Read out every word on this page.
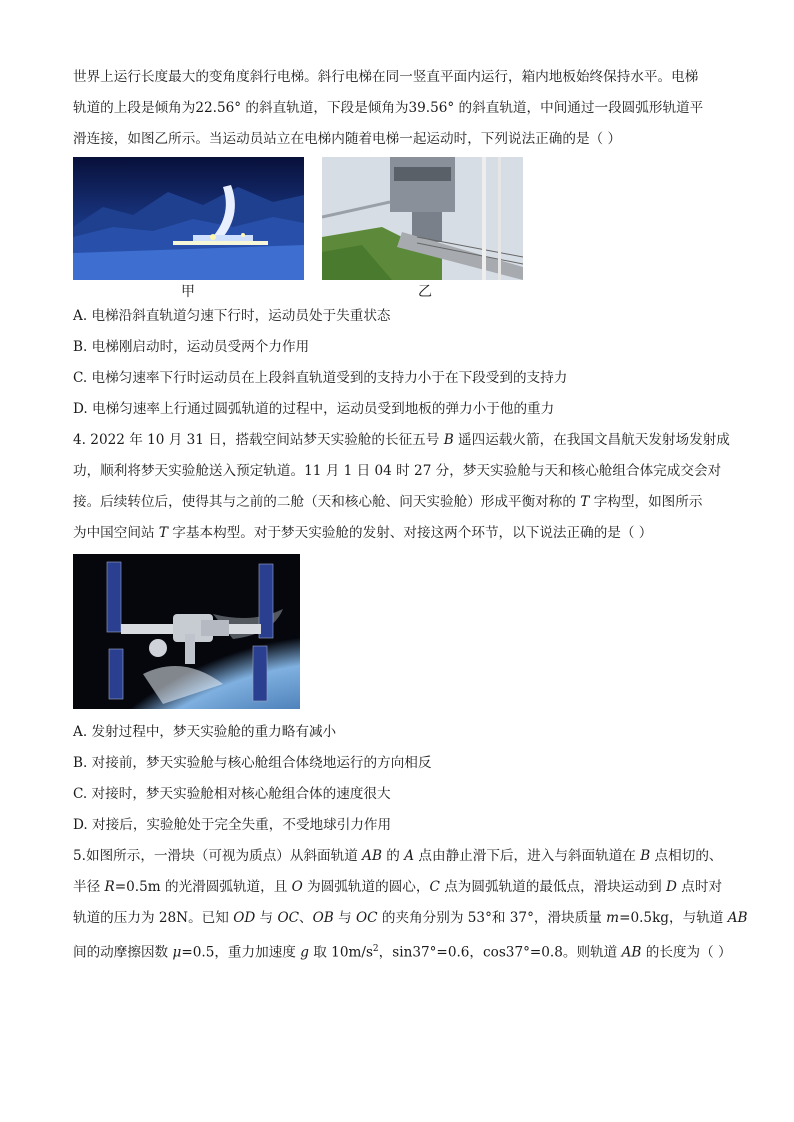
世界上运行长度最大的变角度斜行电梯。斜行电梯在同一竖直平面内运行，箱内地板始终保持水平。电梯
轨道的上段是倾角为22.56° 的斜直轨道，下段是倾角为39.56° 的斜直轨道，中间通过一段圆弧形轨道平
滑连接，如图乙所示。当运动员站立在电梯内随着电梯一起运动时，下列说法正确的是（ ）

甲	乙
A. 电梯沿斜直轨道匀速下行时，运动员处于失重状态
B. 电梯刚启动时，运动员受两个力作用
C. 电梯匀速率下行时运动员在上段斜直轨道受到的支持力小于在下段受到的支持力
D. 电梯匀速率上行通过圆弧轨道的过程中，运动员受到地板的弹力小于他的重力

4. 2022 年 10 月 31 日，搭载空间站梦天实验舱的长征五号 B 遥四运载火箭，在我国文昌航天发射场发射成
功，顺利将梦天实验舱送入预定轨道。11 月 1 日 04 时 27 分，梦天实验舱与天和核心舱组合体完成交会对
接。后续转位后，使得其与之前的二舱（天和核心舱、问天实验舱）形成平衡对称的 T 字构型，如图所示
为中国空间站 T 字基本构型。对于梦天实验舱的发射、对接这两个环节，以下说法正确的是（ ）

A. 发射过程中，梦天实验舱的重力略有减小
B. 对接前，梦天实验舱与核心舱组合体绕地运行的方向相反
C. 对接时，梦天实验舱相对核心舱组合体的速度很大
D. 对接后，实验舱处于完全失重，不受地球引力作用

5.如图所示，一滑块（可视为质点）从斜面轨道 AB 的 A 点由静止滑下后，进入与斜面轨道在 B 点相切的、
半径 R=0.5m 的光滑圆弧轨道，且 O 为圆弧轨道的圆心，C 点为圆弧轨道的最低点，滑块运动到 D 点时对
轨道的压力为 28N。已知 OD 与 OC、OB 与 OC 的夹角分别为 53°和 37°，滑块质量 m=0.5kg，与轨道 AB
间的动摩擦因数 μ=0.5，重力加速度 g 取 $10m/s^2$，sin37°=0.6，cos37°=0.8。则轨道 AB 的长度为（ ）
